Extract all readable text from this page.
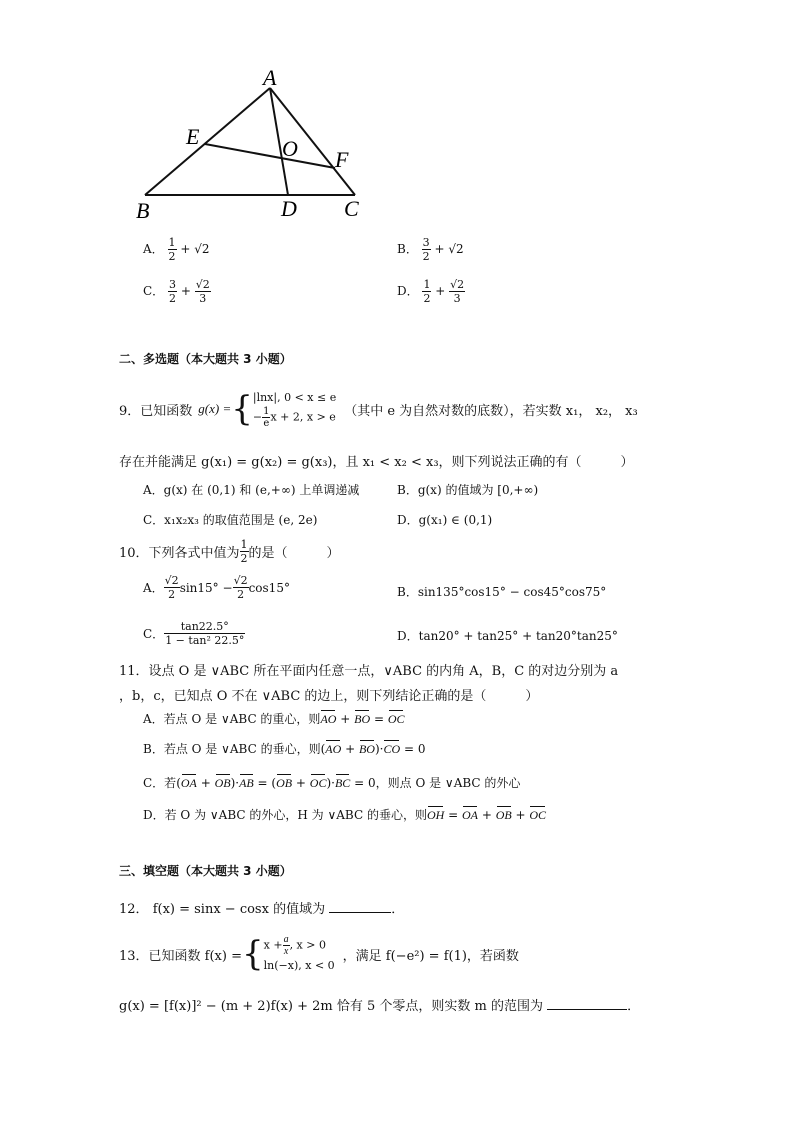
A
B	C
D
E
F
O
A． $\frac{1}{2} + √2$	B． $\frac{3}{2} + √2$
C． $\frac{3}{2} + \frac{√2}{3}$	D． $\frac{1}{2} + \frac{√2}{3}$
二、多选题（本大题共 3 小题）
9．已知函数 g(x) = { |lnx|, 0 < x ≤ e
− $\frac{1}{e}$ x + 2, x > e （其中 e 为自然对数的底数），若实数 x₁， x₂， x₃
存在并能满足 g(x₁) = g(x₂) = g(x₃)，且 x₁ < x₂ < x₃，则下列说法正确的有（　　　）
A．g(x) 在 (0,1) 和 (e,+∞) 上单调递减	B．g(x) 的值域为 [0,+∞)
C．x₁x₂x₃ 的取值范围是 (e, 2e)	D．g(x₁) ∈ (0,1)
10．下列各式中值为 $\frac{1}{2}$ 的是（　　　）
A． $\frac{√2}{2} \sin 15^\circ - \frac{√2}{2} \cos 15^\circ$	B．sin135°cos15° − cos45°cos75°
C． $\frac{\tan 22.5^\circ}{\text{1 − tan² 22.5°}}$	D．tan20° + tan25° + tan20°tan25°
11．设点 O 是 ∨ABC 所在平面内任意一点，∨ABC 的内角 A，B，C 的对边分别为 a
，b，c，已知点 O 不在 ∨ABC 的边上，则下列结论正确的是（　　　）
A．若点 O 是 ∨ABC 的重心，则AO + BO = OC
B．若点 O 是 ∨ABC 的垂心，则(AO + BO)·CO = 0
C．若(OA + OB)·AB = (OB + OC)·BC = 0，则点 O 是 ∨ABC 的外心
D．若 O 为 ∨ABC 的外心，H 为 ∨ABC 的垂心，则OH = OA + OB + OC
三、填空题（本大题共 3 小题）
12． f(x) = sinx − cosx 的值域为	．
13．已知函数 f(x) = { $x + \frac{a}{x}$ , x > 0
ln(−x), x < 0
，满足 f(−e²) = f(1)，若函数
g(x) = [f(x)]² − (m + 2)f(x) + 2m 恰有 5 个零点，则实数 m 的范围为	．
